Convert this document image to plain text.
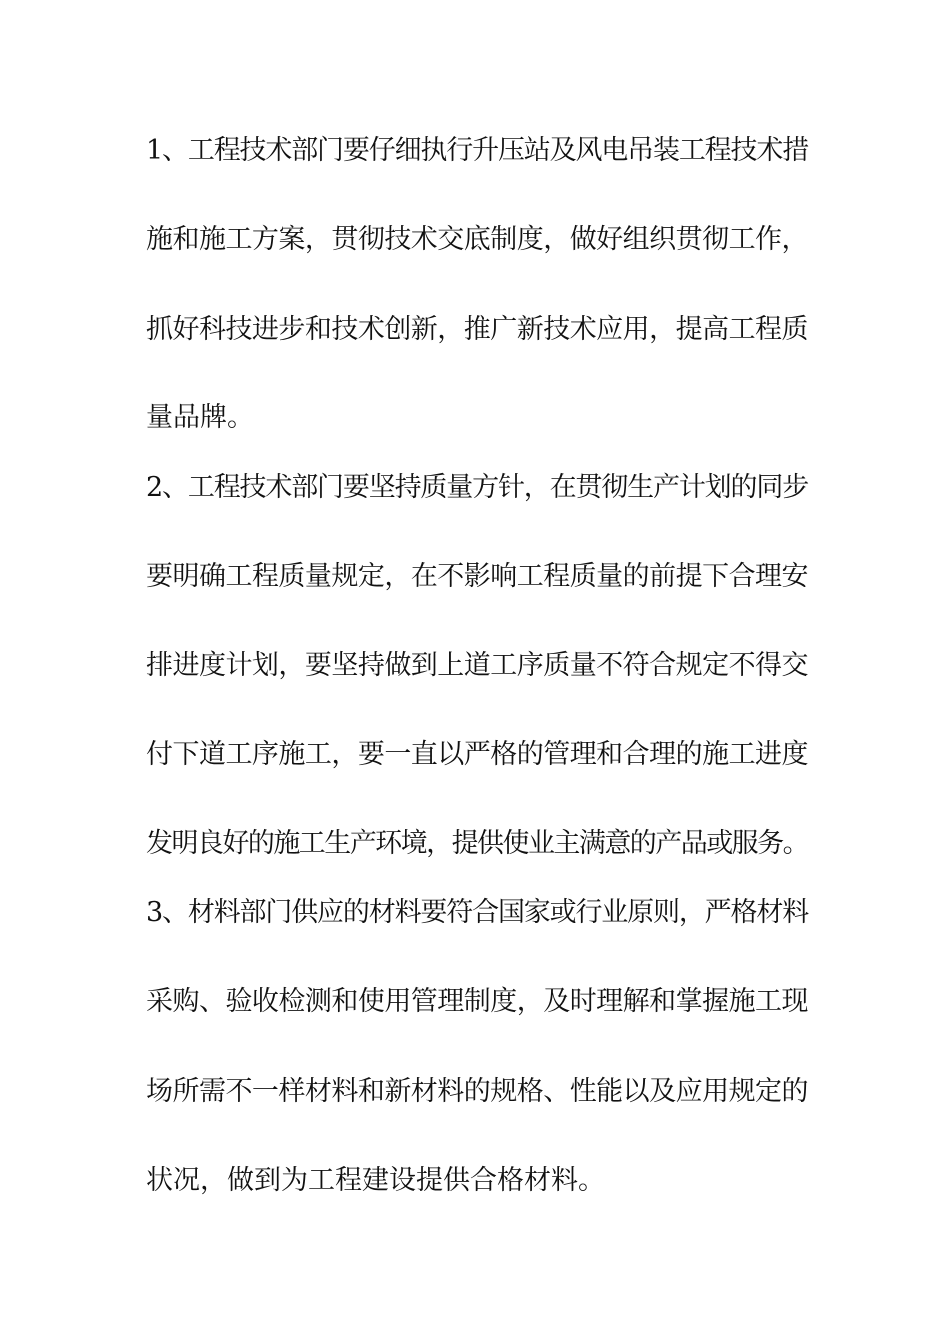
1、工程技术部门要仔细执行升压站及风电吊装工程技术措
施和施工方案，贯彻技术交底制度，做好组织贯彻工作，
抓好科技进步和技术创新，推广新技术应用，提高工程质
量品牌。
2、工程技术部门要坚持质量方针，在贯彻生产计划的同步
要明确工程质量规定，在不影响工程质量的前提下合理安
排进度计划，要坚持做到上道工序质量不符合规定不得交
付下道工序施工，要一直以严格的管理和合理的施工进度
发明良好的施工生产环境，提供使业主满意的产品或服务。
3、材料部门供应的材料要符合国家或行业原则，严格材料
采购、验收检测和使用管理制度，及时理解和掌握施工现
场所需不一样材料和新材料的规格、性能以及应用规定的
状况，做到为工程建设提供合格材料。
